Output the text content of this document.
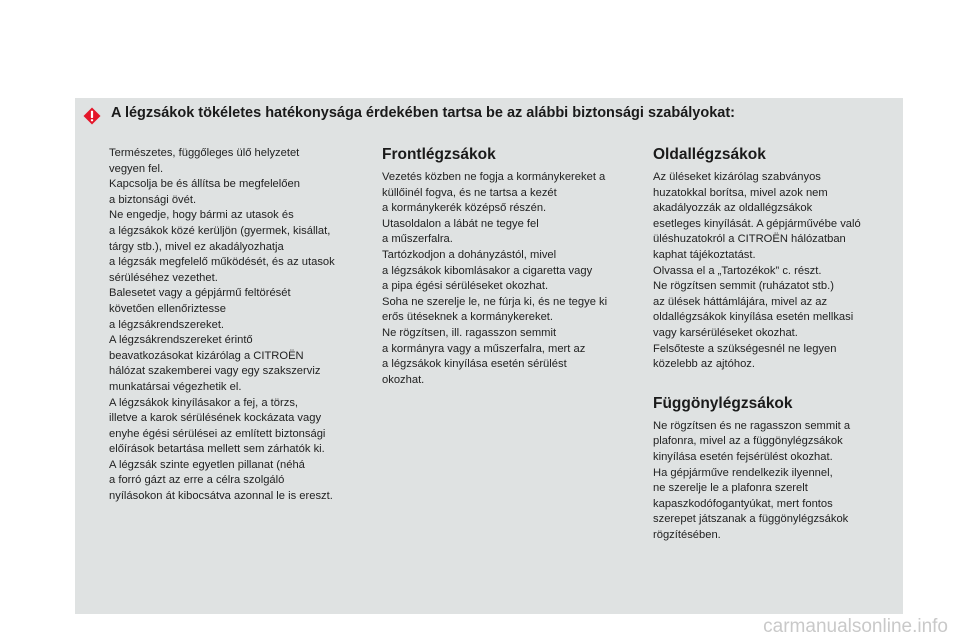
A légzsákok tökéletes hatékonysága érdekében tartsa be az alábbi biztonsági szabályokat:
Természetes, függőleges ülő helyzetet
vegyen fel.
Kapcsolja be és állítsa be megfelelően
a biztonsági övét.
Ne engedje, hogy bármi az utasok és
a légzsákok közé kerüljön (gyermek, kisállat,
tárgy stb.), mivel ez akadályozhatja
a légzsák megfelelő működését, és az utasok
sérüléséhez vezethet.
Balesetet vagy a gépjármű feltörését
követően ellenőriztesse
a légzsákrendszereket.
A légzsákrendszereket érintő
beavatkozásokat kizárólag a CITROËN
hálózat szakemberei vagy egy szakszerviz
munkatársai végezhetik el.
A légzsákok kinyílásakor a fej, a törzs,
illetve a karok sérülésének kockázata vagy
enyhe égési sérülései az említett biztonsági
előírások betartása mellett sem zárhatók ki.
A légzsák szinte egyetlen pillanat (néhá
a forró gázt az erre a célra szolgáló
nyílásokon át kibocsátva azonnal le is ereszt.
Frontlégzsákok
Vezetés közben ne fogja a kormánykereket a
küllőinél fogva, és ne tartsa a kezét
a kormánykerék középső részén.
Utasoldalon a lábát ne tegye fel
a műszerfalra.
Tartózkodjon a dohányzástól, mivel
a légzsákok kibomlásakor a cigaretta vagy
a pipa égési sérüléseket okozhat.
Soha ne szerelje le, ne fúrja ki, és ne tegye ki
erős ütéseknek a kormánykereket.
Ne rögzítsen, ill. ragasszon semmit
a kormányra vagy a műszerfalra, mert az
a légzsákok kinyílása esetén sérülést
okozhat.
Oldallégzsákok
Az üléseket kizárólag szabványos
huzatokkal borítsa, mivel azok nem
akadályozzák az oldallégzsákok
esetleges kinyílását. A gépjárművébe való
üléshuzatokról a CITROËN hálózatban
kaphat tájékoztatást.
Olvassa el a „Tartozékok” c. részt.
Ne rögzítsen semmit (ruházatot stb.)
az ülések háttámlájára, mivel az az
oldallégzsákok kinyílása esetén mellkasi
vagy karsérüléseket okozhat.
Felsőteste a szükségesnél ne legyen
közelebb az ajtóhoz.
Függönylégzsákok
Ne rögzítsen és ne ragasszon semmit a
plafonra, mivel az a függönylégzsákok
kinyílása esetén fejsérülést okozhat.
Ha gépjárműve rendelkezik ilyennel,
ne szerelje le a plafonra szerelt
kapaszkodófogantyúkat, mert fontos
szerepet játszanak a függönylégzsákok
rögzítésében.
carmanualsonline.info
